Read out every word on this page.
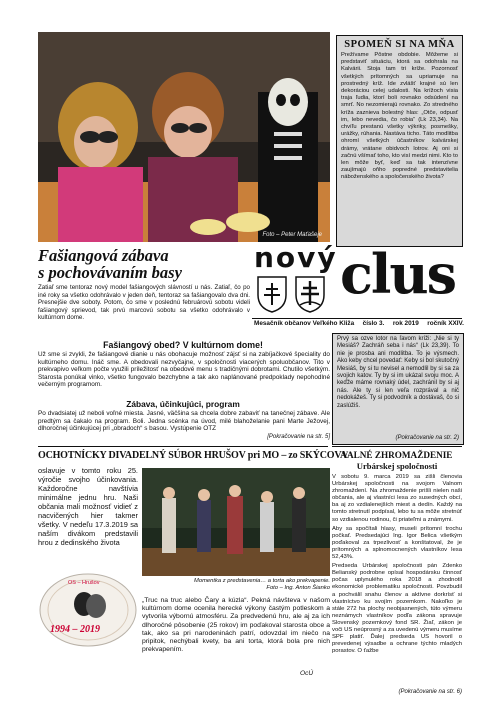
Foto – Peter Maťašeje
SPOMEŇ SI NA MŇA
Prežívame Pôstne obdobie. Môžeme si predstaviť situáciu, ktorá sa odohrala na Kalvárii. Stoja tam tri kríže. Pozornosť všetkých prítomných sa upriamuje na prostredný kríž. Ide zvlášť krajné sú len dekoráciou celej udalosti. Na krížoch visia traja ľudia, ktorí boli rovnako odsúdení na smrť. No nezomierajú rovnako. Zo stredného kríža zaznieva bolestný hlas: „Otče, odpusť im, lebo nevedia, čo robia“ (Lk 23,34). Na chvíľu prestanú všetky výkriky, posmešky, urážky, rúhania. Nastáva ticho. Táto modlitba ohromí všetkých účastníkov kalvárskej drámy, vrátane obidvoch lotrov. Aj oni si začnú všímať toho, kto visí medzi nimi. Kto to len môže byť, keď sa tak intenzívne zaujímajú oňho popredné predstavitelia náboženského a spoločenského života?
Fašiangová zábava
s pochovávaním basy
Zatiaľ sme tentoraz nový model fašiangových slávností u nás. Zatiaľ, čo po iné roky sa všetko odohrávalo v jeden deň, tentoraz sa fašiangovalo dva dni. Presnejšie dve soboty. Potom, čo sme v poslednú februárovú sobotu videli fašiangový sprievod, tak prvú marcovú sobotu sa všetko odohrávalo v kultúrnom dome.
nový clus
Mesačník občanov Veľkého Kliža číslo 3. rok 2019 ročník XXIV.
Fašiangový obed? V kultúrnom dome!
Už sme si zvykli, že fašiangové dianie u nás obohacuje možnosť zájsť si na zabíjačkové špeciality do kultúrneho domu. Ináč sme. A obedovali nezvyčajne, v spoločnosti viacerých spoluobčanov. Tito v prekvapivo veľkom počte využili príležitosť na obedové menu s tradičnými dobrotami. Chutilo všetkým. Starosta ponúkal vinko, všetko fungovalo bezchybne a tak ako naplánované predpoklady nepohodlné večerným programom.
Zábava, účinkujúci, program
Po dvadsiatej už neboli voľné miesta. Jasné, väčšina sa chcela dobre zabaviť na tanečnej zábave. Ale predtým sa čakalo na program. Boli. Jedna scénka na úvod, milé blahoželanie pani Marte Ježovej, dlhoročnej účinkujúcej pri „obradoch“ s basou. Vystúpenie OTZ
[Pokračovanie na str. 5]
Prvý sa ozve lotor na ľavom kríži: „Nie si ty Mesiáš? Zachráň seba i nás“ (Lk 23,39). To nie je prosba ani modlitba. To je výsmech. Ako keby chcel povedať: Keby si bol skutočný Mesiáš, by si tu nevisel a nemodlil by si sa za svojich katov. Ty by si im ukázal svoju moc. A keďže máme rovnaký údel, zachránil by si aj nás. Ale ty si len veľa rozprával a nič nedokážeš. Ty si podvodník a dostávaš, čo si zaslúžiš.
(Pokračovanie na str. 2)
OCHOTNÍCKY DIVADELNÝ SÚBOR HRUŠOV pri MO – zo SKÝCOVA
oslavuje v tomto roku 25. výročie svojho účinkovania. Každoročne navštívia minimálne jednu hru. Naši občania mali možnosť vidieť z nacvičených hier takmer všetky. V nedeľu 17.3.2019 sa naším divákom predstavili hrou z dedinského života
OS – Hrušov
1994 – 2019
Momentka z predstavenia… a torta ako prekvapenie.
Foto – Ing. Anton Šianko
„Truc na truc alebo Čary a kúzla“. Pekná návšteva v našom kultúrnom dome ocenila herecké výkony častým potleskom a vytvorila výbornú atmosféru. Za predvedenú hru, ale aj za ich dlhoročné pôsobenie (25 rokov) im poďakoval starosta obce a tak, ako sa pri narodeninách patrí, odovzdal im niečo na pripitok, nechýbali kvety, ba ani torta, ktorá bola pre nich prekvapením.
OcÚ
VALNÉ ZHROMAŽDENIE
Urbárskej spoločnosti

V sobotu 9. marca 2019 sa zišli členovia Urbárskej spoločnosti na svojom Valnom zhromaždení. Na zhromaždenie prišli nielen naši občania, ale aj vlastníci lesa zo susedných obcí, ba aj zo vzdialenejších miest a dedín. Každý na tomto stretnutí podpísal, lebo tu sa môže stretnúť so vzdialenou rodinou, či priateľmi a známymi.

Aby sa spočítali hlasy, museli prítomní trochu počkať. Predsedajúci Ing. Igor Belica všetkým poďakoval za trpezlivosť a konštatoval, že je prítomných a splnomocnených vlastníkov lesa 52,43%.

Predseda Urbárskej spoločnosti pán Zdenko Belianský podrobne opísal hospodársku činnosť počas uplynulého roka 2018 a zhodnotil ekonomické problematiku spoločnosti. Povzbudil a pochválil snahu členov a aktívne dorkrísť si vlastníctvo ku svojím pozemkom. Nakoľko je stále 272 ha plochy neobjasnených, túto výmeru neznámych vlastníkov podľa zákona spravuje Slovenský pozemkový fond SR. Žiaľ, zákon je voči US neúprosný a za uvedenú výmeru musíme SPF platiť. Ďalej predseda US hovoril o prevedenej výsadbe a ochrane týchto mladých porastov. O ťažbe

(Pokračovanie na str. 6)
